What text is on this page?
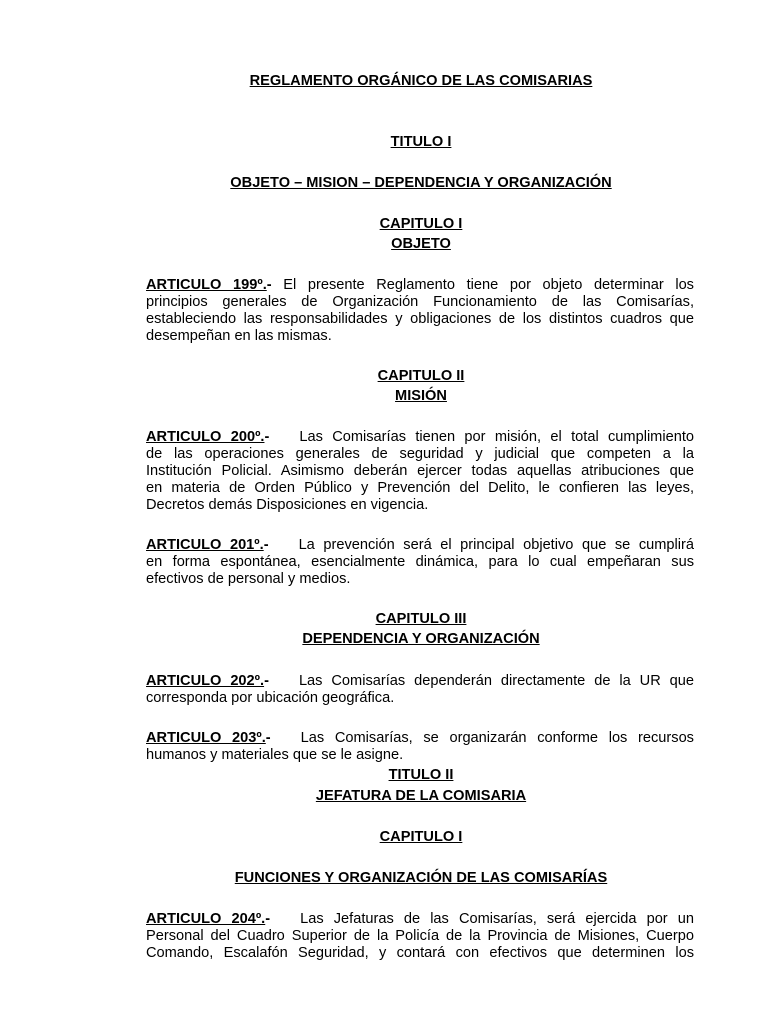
REGLAMENTO ORGÁNICO DE LAS COMISARIAS
TITULO I
OBJETO – MISION – DEPENDENCIA Y ORGANIZACIÓN
CAPITULO I
OBJETO
ARTICULO 199º.- El presente Reglamento tiene por objeto determinar los
principios generales de Organización Funcionamiento de las Comisarías,
estableciendo las responsabilidades y obligaciones de los distintos cuadros que
desempeñan en las mismas.
CAPITULO II
MISIÓN
ARTICULO 200º.- Las Comisarías tienen por misión, el total cumplimiento
de las operaciones generales de seguridad y judicial que competen a la
Institución Policial. Asimismo deberán ejercer todas aquellas atribuciones que
en materia de Orden Público y Prevención del Delito, le confieren las leyes,
Decretos demás Disposiciones en vigencia.
ARTICULO 201º.- La prevención será el principal objetivo que se cumplirá
en forma espontánea, esencialmente dinámica, para lo cual empeñaran sus
efectivos de personal y medios.
CAPITULO III
DEPENDENCIA Y ORGANIZACIÓN
ARTICULO 202º.- Las Comisarías dependerán directamente de la UR que
corresponda por ubicación geográfica.
ARTICULO 203º.- Las Comisarías, se organizarán conforme los recursos
humanos y materiales que se le asigne.
TITULO II
JEFATURA DE LA COMISARIA
CAPITULO I
FUNCIONES Y ORGANIZACIÓN DE LAS COMISARÍAS
ARTICULO 204º.- Las Jefaturas de las Comisarías, será ejercida por un
Personal del Cuadro Superior de la Policía de la Provincia de Misiones, Cuerpo
Comando, Escalafón Seguridad, y contará con efectivos que determinen los
